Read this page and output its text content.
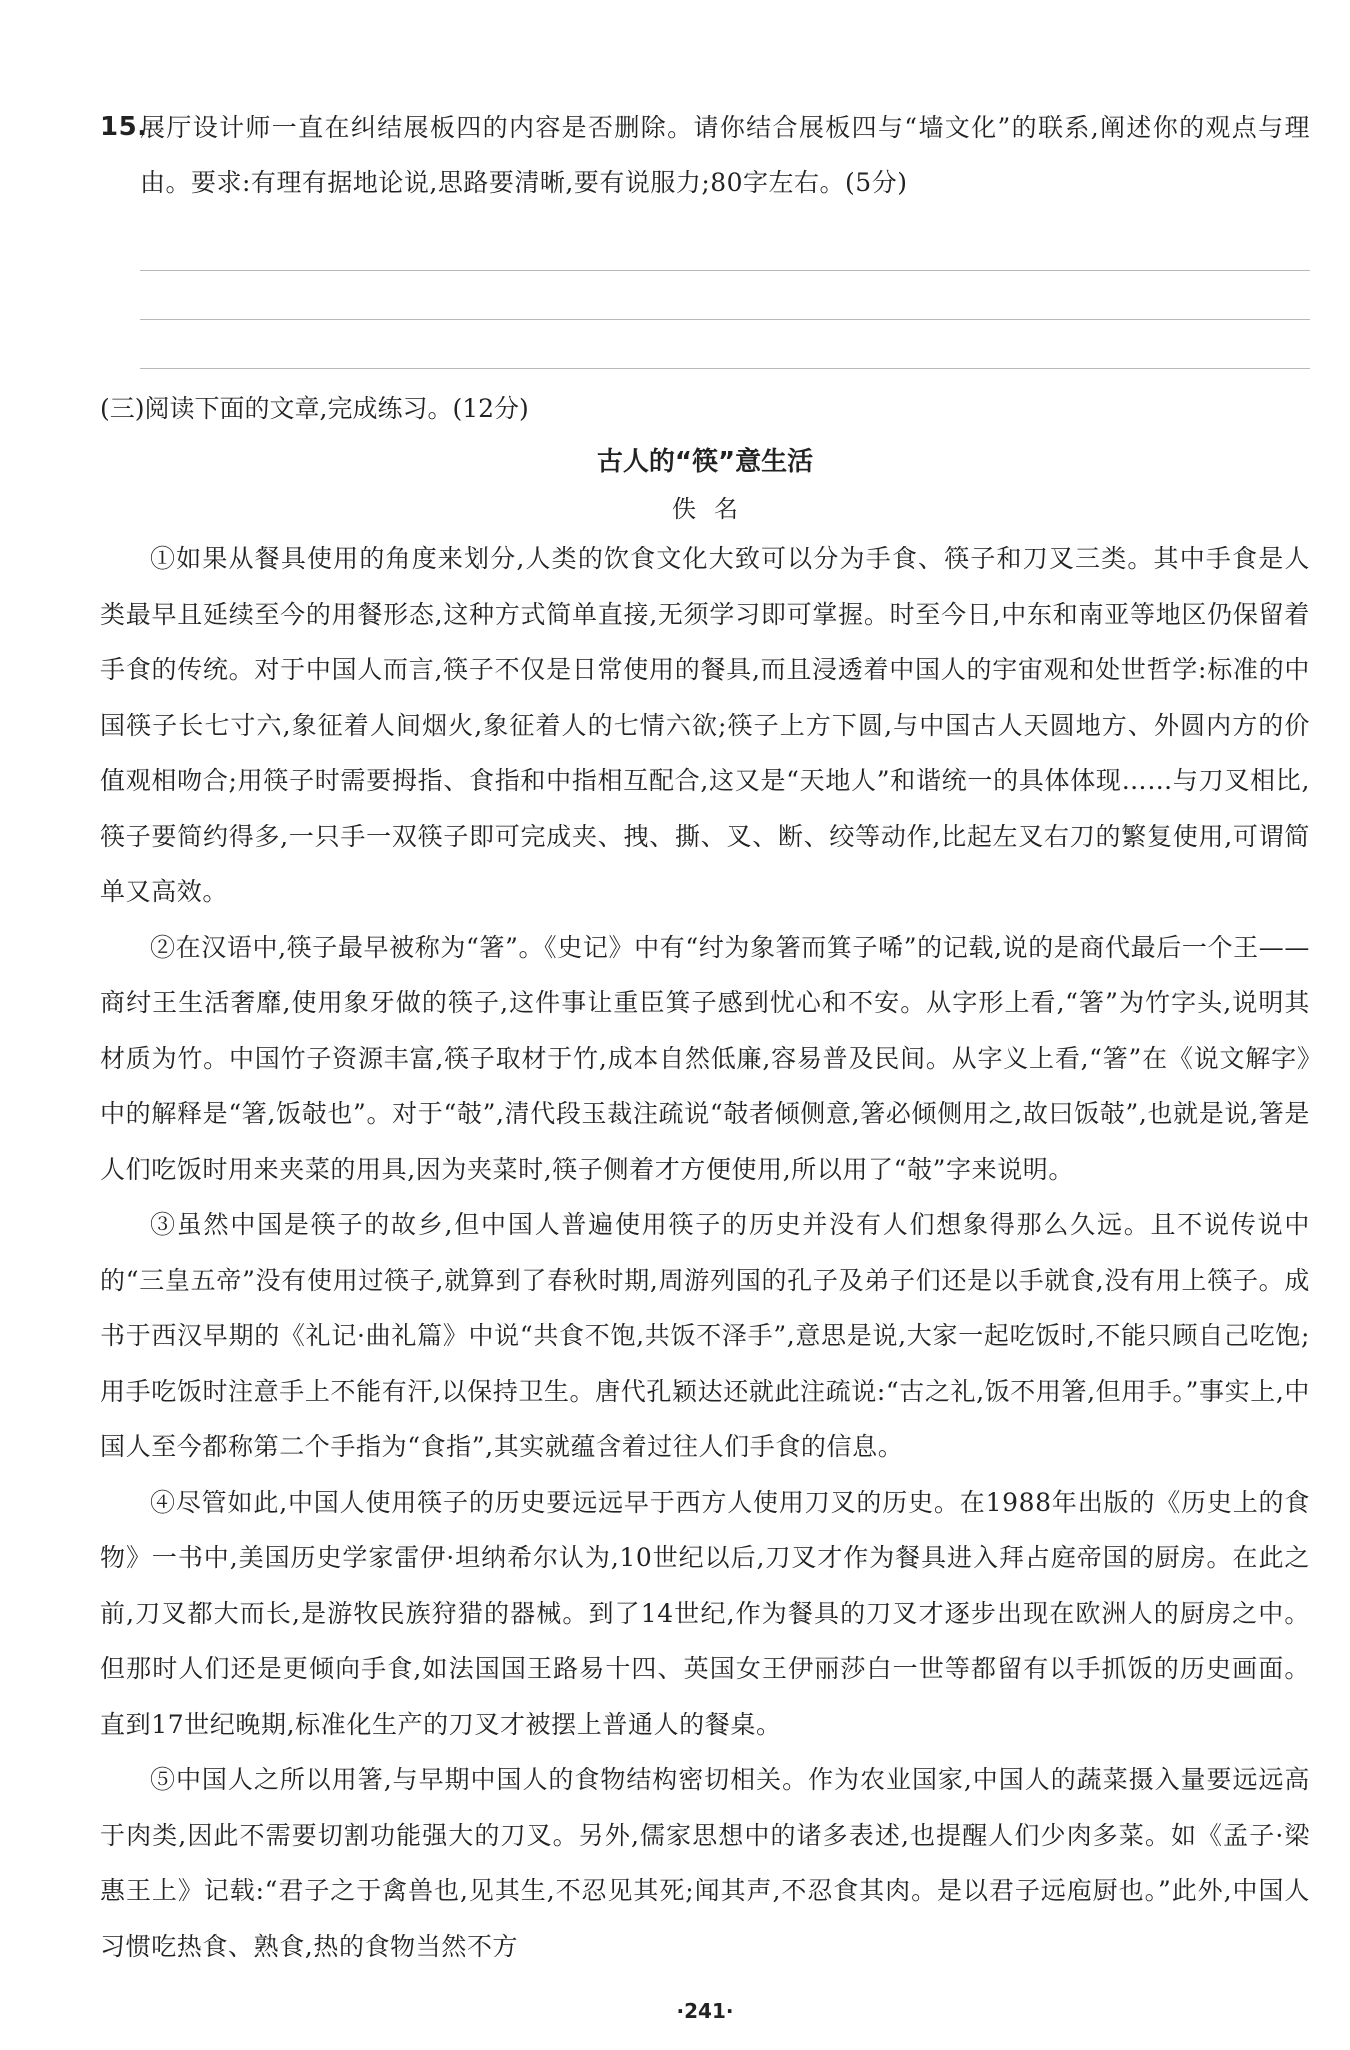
15.
展厅设计师一直在纠结展板四的内容是否删除。请你结合展板四与“墙文化”的联系,阐述你的观点与理由。要求:有理有据地论说,思路要清晰,要有说服力;80字左右。(5分)
(三)阅读下面的文章,完成练习。(12分)
古人的“筷”意生活
佚名

①如果从餐具使用的角度来划分,人类的饮食文化大致可以分为手食、筷子和刀叉三类。其中手食是人类最早且延续至今的用餐形态,这种方式简单直接,无须学习即可掌握。时至今日,中东和南亚等地区仍保留着手食的传统。对于中国人而言,筷子不仅是日常使用的餐具,而且浸透着中国人的宇宙观和处世哲学:标准的中国筷子长七寸六,象征着人间烟火,象征着人的七情六欲;筷子上方下圆,与中国古人天圆地方、外圆内方的价值观相吻合;用筷子时需要拇指、食指和中指相互配合,这又是“天地人”和谐统一的具体体现……与刀叉相比,筷子要简约得多,一只手一双筷子即可完成夹、拽、撕、叉、断、绞等动作,比起左叉右刀的繁复使用,可谓简单又高效。

②在汉语中,筷子最早被称为“箸”。《史记》中有“纣为象箸而箕子唏”的记载,说的是商代最后一个王——商纣王生活奢靡,使用象牙做的筷子,这件事让重臣箕子感到忧心和不安。从字形上看,“箸”为竹字头,说明其材质为竹。中国竹子资源丰富,筷子取材于竹,成本自然低廉,容易普及民间。从字义上看,“箸”在《说文解字》中的解释是“箸,饭攲也”。对于“攲”,清代段玉裁注疏说“攲者倾侧意,箸必倾侧用之,故曰饭攲”,也就是说,箸是人们吃饭时用来夹菜的用具,因为夹菜时,筷子侧着才方便使用,所以用了“攲”字来说明。

③虽然中国是筷子的故乡,但中国人普遍使用筷子的历史并没有人们想象得那么久远。且不说传说中的“三皇五帝”没有使用过筷子,就算到了春秋时期,周游列国的孔子及弟子们还是以手就食,没有用上筷子。成书于西汉早期的《礼记·曲礼篇》中说“共食不饱,共饭不泽手”,意思是说,大家一起吃饭时,不能只顾自己吃饱;用手吃饭时注意手上不能有汗,以保持卫生。唐代孔颖达还就此注疏说:“古之礼,饭不用箸,但用手。”事实上,中国人至今都称第二个手指为“食指”,其实就蕴含着过往人们手食的信息。

④尽管如此,中国人使用筷子的历史要远远早于西方人使用刀叉的历史。在1988年出版的《历史上的食物》一书中,美国历史学家雷伊·坦纳希尔认为,10世纪以后,刀叉才作为餐具进入拜占庭帝国的厨房。在此之前,刀叉都大而长,是游牧民族狩猎的器械。到了14世纪,作为餐具的刀叉才逐步出现在欧洲人的厨房之中。但那时人们还是更倾向手食,如法国国王路易十四、英国女王伊丽莎白一世等都留有以手抓饭的历史画面。直到17世纪晚期,标准化生产的刀叉才被摆上普通人的餐桌。

⑤中国人之所以用箸,与早期中国人的食物结构密切相关。作为农业国家,中国人的蔬菜摄入量要远远高于肉类,因此不需要切割功能强大的刀叉。另外,儒家思想中的诸多表述,也提醒人们少肉多菜。如《孟子·梁惠王上》记载:“君子之于禽兽也,见其生,不忍见其死;闻其声,不忍食其肉。是以君子远庖厨也。”此外,中国人习惯吃热食、熟食,热的食物当然不方

·241·
